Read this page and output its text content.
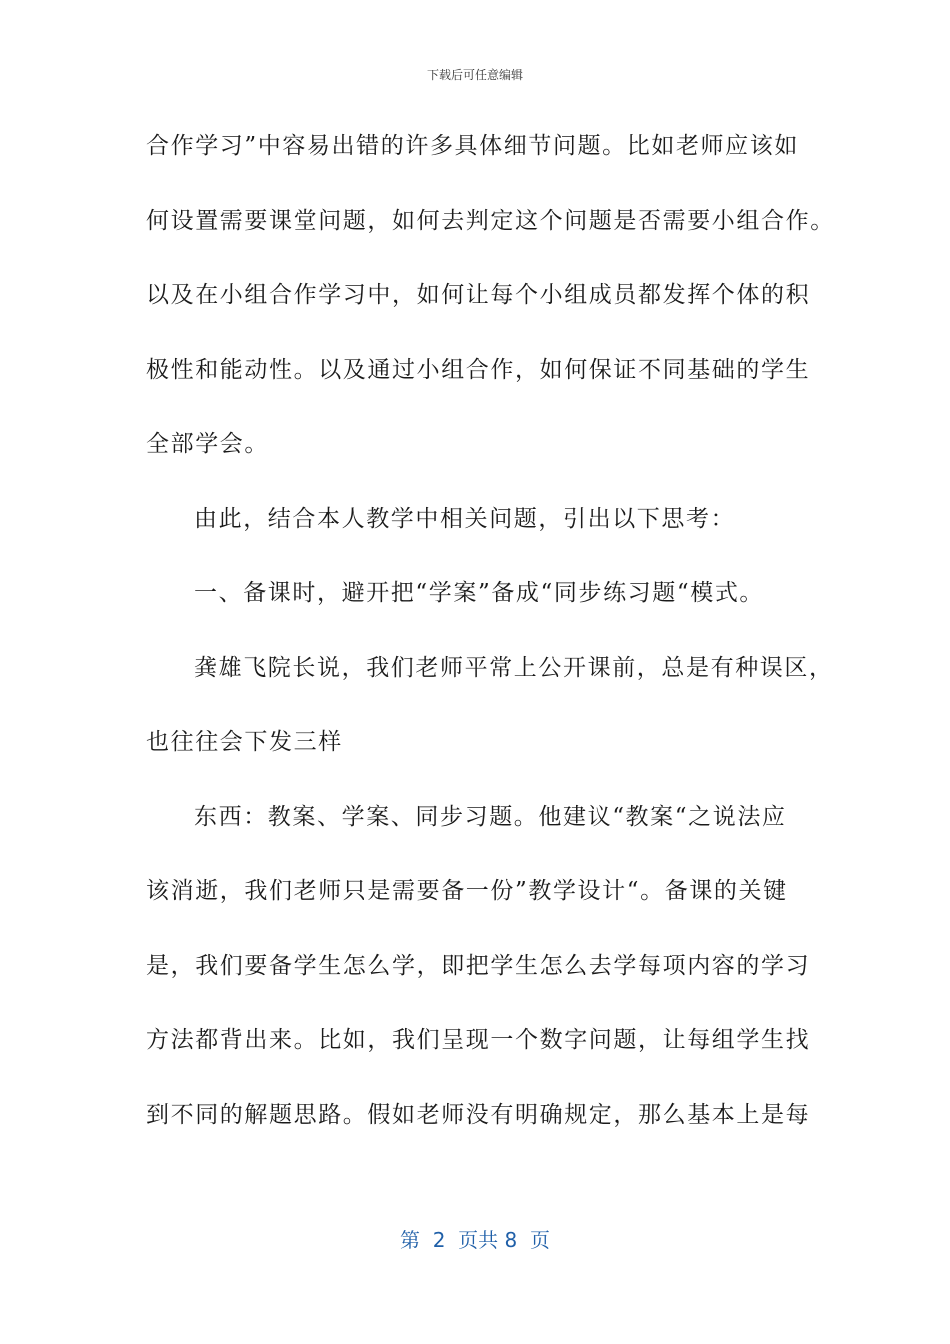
下载后可任意编辑
合作学习”中容易出错的许多具体细节问题。比如老师应该如
何设置需要课堂问题，如何去判定这个问题是否需要小组合作。
以及在小组合作学习中，如何让每个小组成员都发挥个体的积
极性和能动性。以及通过小组合作，如何保证不同基础的学生
全部学会。
由此，结合本人教学中相关问题，引出以下思考：
一、备课时，避开把“学案”备成“同步练习题“模式。
龚雄飞院长说，我们老师平常上公开课前，总是有种误区，
也往往会下发三样
东西：教案、学案、同步习题。他建议“教案“之说法应
该消逝，我们老师只是需要备一份”教学设计“。备课的关键
是，我们要备学生怎么学，即把学生怎么去学每项内容的学习
方法都背出来。比如，我们呈现一个数字问题，让每组学生找
到不同的解题思路。假如老师没有明确规定，那么基本上是每
第  2  页共 8  页
